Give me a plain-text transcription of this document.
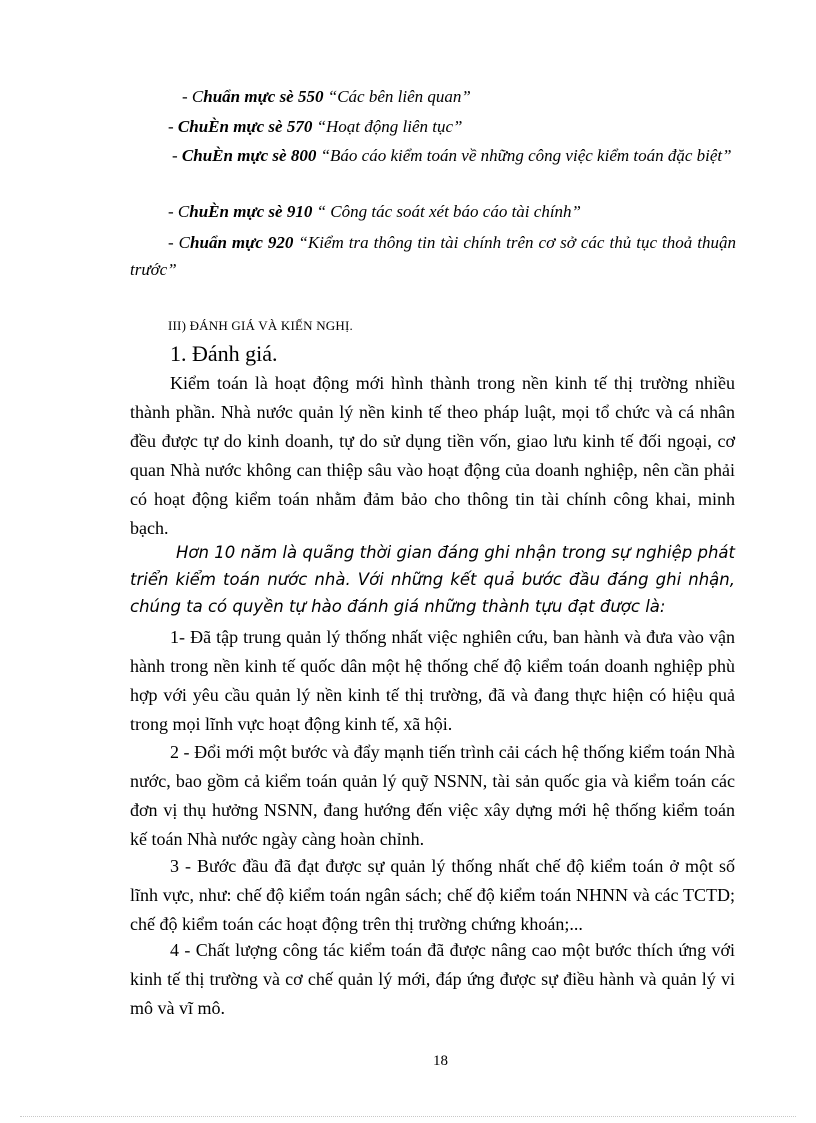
- Chuẩn mực sè 550 “Các bên liên quan”
- ChuÈn mực sè 570 “Hoạt động liên tục”
- ChuÈn mực sè 800 “Báo cáo kiểm toán về những công việc kiểm toán đặc biệt”
- ChuÈn mực sè 910 “ Công tác soát xét báo cáo tài chính”
- Chuẩn mực 920 “Kiểm tra thông tin tài chính trên cơ sở các thủ tục thoả thuận trước”
III) ĐÁNH GIÁ VÀ KIẾN NGHỊ.
1. Đánh giá.
Kiểm toán là hoạt động mới hình thành trong nền kinh tế thị trường nhiều thành phần. Nhà nước quản lý nền kinh tế theo pháp luật, mọi tổ chức và cá nhân đều được tự do kinh doanh, tự do sử dụng tiền vốn, giao lưu kinh tế đối ngoại, cơ quan Nhà nước không can thiệp sâu vào hoạt động của doanh nghiệp, nên cần phải có hoạt động kiểm toán nhằm đảm bảo cho thông tin tài chính công khai, minh bạch.
Hơn 10 năm là quãng thời gian đáng ghi nhận trong sự nghiệp phát triển kiểm toán nước nhà. Với những kết quả bước đầu đáng ghi nhận, chúng ta có quyền tự hào đánh giá những thành tựu đạt được là:
1- Đã tập trung quản lý thống nhất việc nghiên cứu, ban hành và đưa vào vận hành trong nền kinh tế quốc dân một hệ thống chế độ kiểm toán doanh nghiệp phù hợp với yêu cầu quản lý nền kinh tế thị trường, đã và đang thực hiện có hiệu quả trong mọi lĩnh vực hoạt động kinh tế, xã hội.
2 - Đổi mới một bước và đẩy mạnh tiến trình cải cách hệ thống kiểm toán Nhà nước, bao gồm cả kiểm toán quản lý quỹ NSNN, tài sản quốc gia và kiểm toán các đơn vị thụ hưởng NSNN, đang hướng đến việc xây dựng mới hệ thống kiểm toán kế toán Nhà nước ngày càng hoàn chỉnh.
3 - Bước đầu đã đạt được sự quản lý thống nhất chế độ kiểm toán ở một số lĩnh vực, như: chế độ kiểm toán ngân sách; chế độ kiểm toán NHNN và các TCTD; chế độ kiểm toán các hoạt động trên thị trường chứng khoán;...
4 - Chất lượng công tác kiểm toán đã được nâng cao một bước thích ứng với kinh tế thị trường và cơ chế quản lý mới, đáp ứng được sự điều hành và quản lý vi mô và vĩ mô.
18
